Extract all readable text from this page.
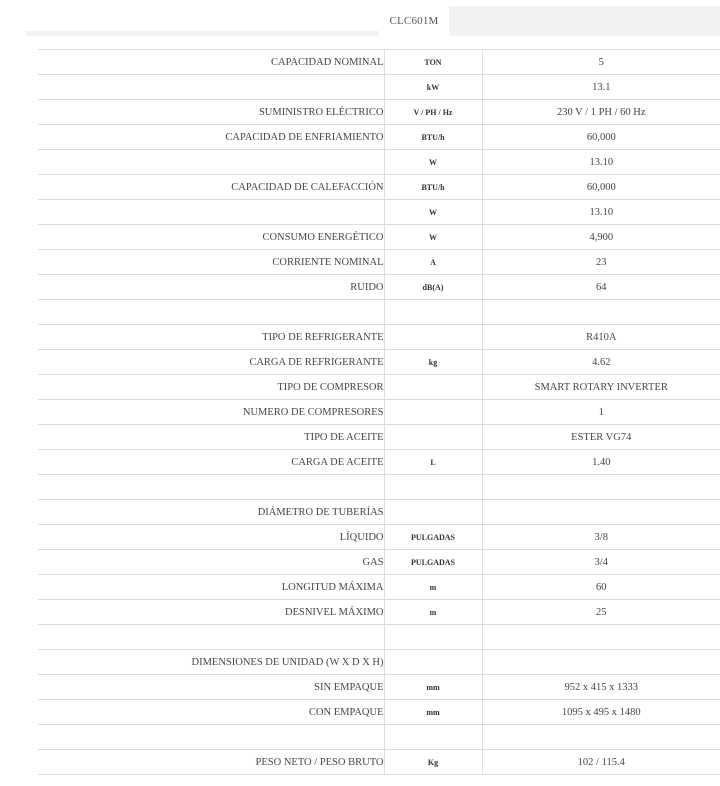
CLC601M
CAPACIDAD NOMINAL	TON	5
	kW	13.1
SUMINISTRO ELÉCTRICO	V / PH / Hz	230 V / 1 PH / 60 Hz
CAPACIDAD DE ENFRIAMIENTO	BTU/h	60,000
	W	13.10
CAPACIDAD DE CALEFACCIÓN	BTU/h	60,000
	W	13.10
CONSUMO ENERGÉTICO	W	4,900
CORRIENTE NOMINAL	A	23
RUIDO	dB(A)	64

TIPO DE REFRIGERANTE		R410A
CARGA DE REFRIGERANTE	kg	4.62
TIPO DE COMPRESOR		SMART ROTARY INVERTER
NUMERO DE COMPRESORES		1
TIPO DE ACEITE		ESTER VG74
CARGA DE ACEITE	L	1.40

DIÁMETRO DE TUBERÍAS		
LÍQUIDO	PULGADAS	3/8
GAS	PULGADAS	3/4
LONGITUD MÁXIMA	m	60
DESNIVEL MÁXIMO	m	25

DIMENSIONES DE UNIDAD (W X D X H)		
SIN EMPAQUE	mm	952 x 415 x 1333
CON EMPAQUE	mm	1095 x 495 x 1480

PESO NETO / PESO BRUTO	Kg	102 / 115.4
